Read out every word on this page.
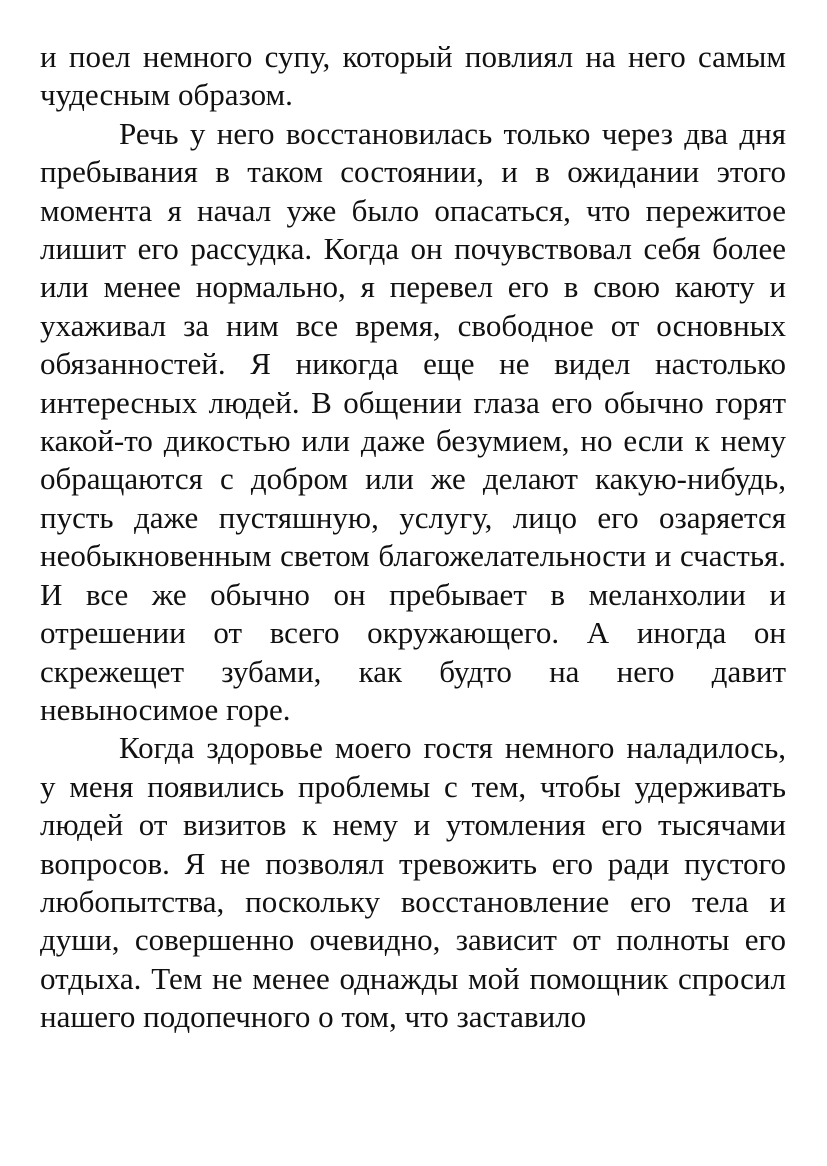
и поел немного супу, который повлиял на него самым чудесным образом.

Речь у него восстановилась только через два дня пребывания в таком состоянии, и в ожидании этого момента я начал уже было опасаться, что пережитое лишит его рассудка. Когда он почувствовал себя более или менее нормально, я перевел его в свою каюту и ухаживал за ним все время, свободное от основных обязанностей. Я никогда еще не видел настолько интересных людей. В общении глаза его обычно горят какой-то дикостью или даже безумием, но если к нему обращаются с добром или же делают какую-нибудь, пусть даже пустяшную, услугу, лицо его озаряется необыкновенным светом благожелательности и счастья. И все же обычно он пребывает в меланхолии и отрешении от всего окружающего. А иногда он скрежещет зубами, как будто на него давит невыносимое горе.

Когда здоровье моего гостя немного наладилось, у меня появились проблемы с тем, чтобы удерживать людей от визитов к нему и утомления его тысячами вопросов. Я не позволял тревожить его ради пустого любопытства, поскольку восстановление его тела и души, совершенно очевидно, зависит от полноты его отдыха. Тем не менее однажды мой помощник спросил нашего подопечного о том, что заставило
